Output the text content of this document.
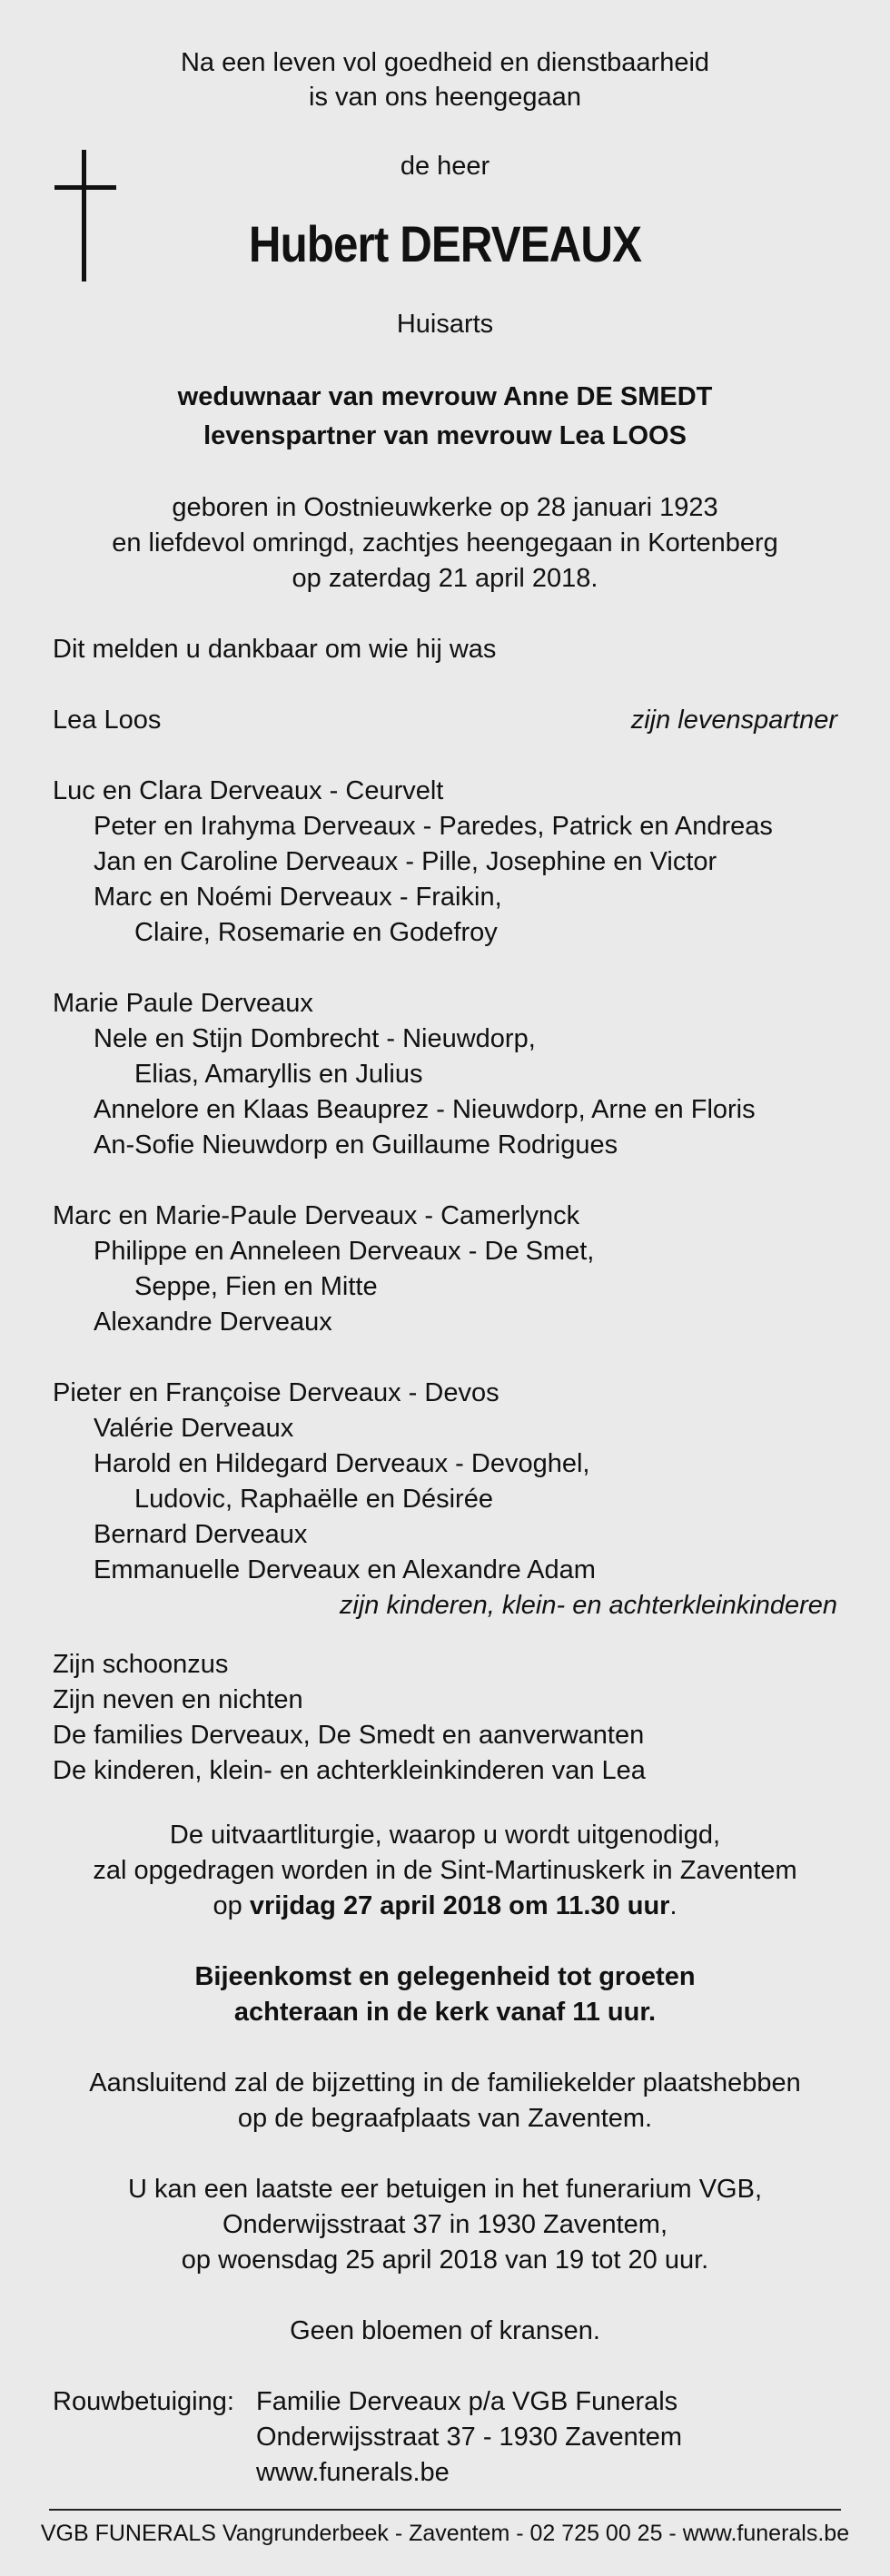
Na een leven vol goedheid en dienstbaarheid
is van ons heengegaan
de heer
Hubert DERVEAUX
Huisarts
weduwnaar van mevrouw Anne DE SMEDT
levenspartner van mevrouw Lea LOOS
geboren in Oostnieuwkerke op 28 januari 1923
en liefdevol omringd, zachtjes heengegaan in Kortenberg
op zaterdag 21 april 2018.
Dit melden u dankbaar om wie hij was
Lea Loos	zijn levenspartner
Luc en Clara Derveaux - Ceurvelt
Peter en Irahyma Derveaux - Paredes, Patrick en Andreas
Jan en Caroline Derveaux - Pille, Josephine en Victor
Marc en Noémi Derveaux - Fraikin,
Claire, Rosemarie en Godefroy
Marie Paule Derveaux
Nele en Stijn Dombrecht - Nieuwdorp,
Elias, Amaryllis en Julius
Annelore en Klaas Beauprez - Nieuwdorp, Arne en Floris
An-Sofie Nieuwdorp en Guillaume Rodrigues
Marc en Marie-Paule Derveaux - Camerlynck
Philippe en Anneleen Derveaux - De Smet,
Seppe, Fien en Mitte
Alexandre Derveaux
Pieter en Françoise Derveaux - Devos
Valérie Derveaux
Harold en Hildegard Derveaux - Devoghel,
Ludovic, Raphaëlle en Désirée
Bernard Derveaux
Emmanuelle Derveaux en Alexandre Adam
zijn kinderen, klein- en achterkleinkinderen
Zijn schoonzus
Zijn neven en nichten
De families Derveaux, De Smedt en aanverwanten
De kinderen, klein- en achterkleinkinderen van Lea
De uitvaartliturgie, waarop u wordt uitgenodigd,
zal opgedragen worden in de Sint-Martinuskerk in Zaventem
op vrijdag 27 april 2018 om 11.30 uur.
Bijeenkomst en gelegenheid tot groeten
achteraan in de kerk vanaf 11 uur.
Aansluitend zal de bijzetting in de familiekelder plaatshebben
op de begraafplaats van Zaventem.
U kan een laatste eer betuigen in het funerarium VGB,
Onderwijsstraat 37 in 1930 Zaventem,
op woensdag 25 april 2018 van 19 tot 20 uur.
Geen bloemen of kransen.
Rouwbetuiging: Familie Derveaux p/a VGB Funerals
Onderwijsstraat 37 - 1930 Zaventem
www.funerals.be
VGB FUNERALS Vangrunderbeek - Zaventem - 02 725 00 25 - www.funerals.be
